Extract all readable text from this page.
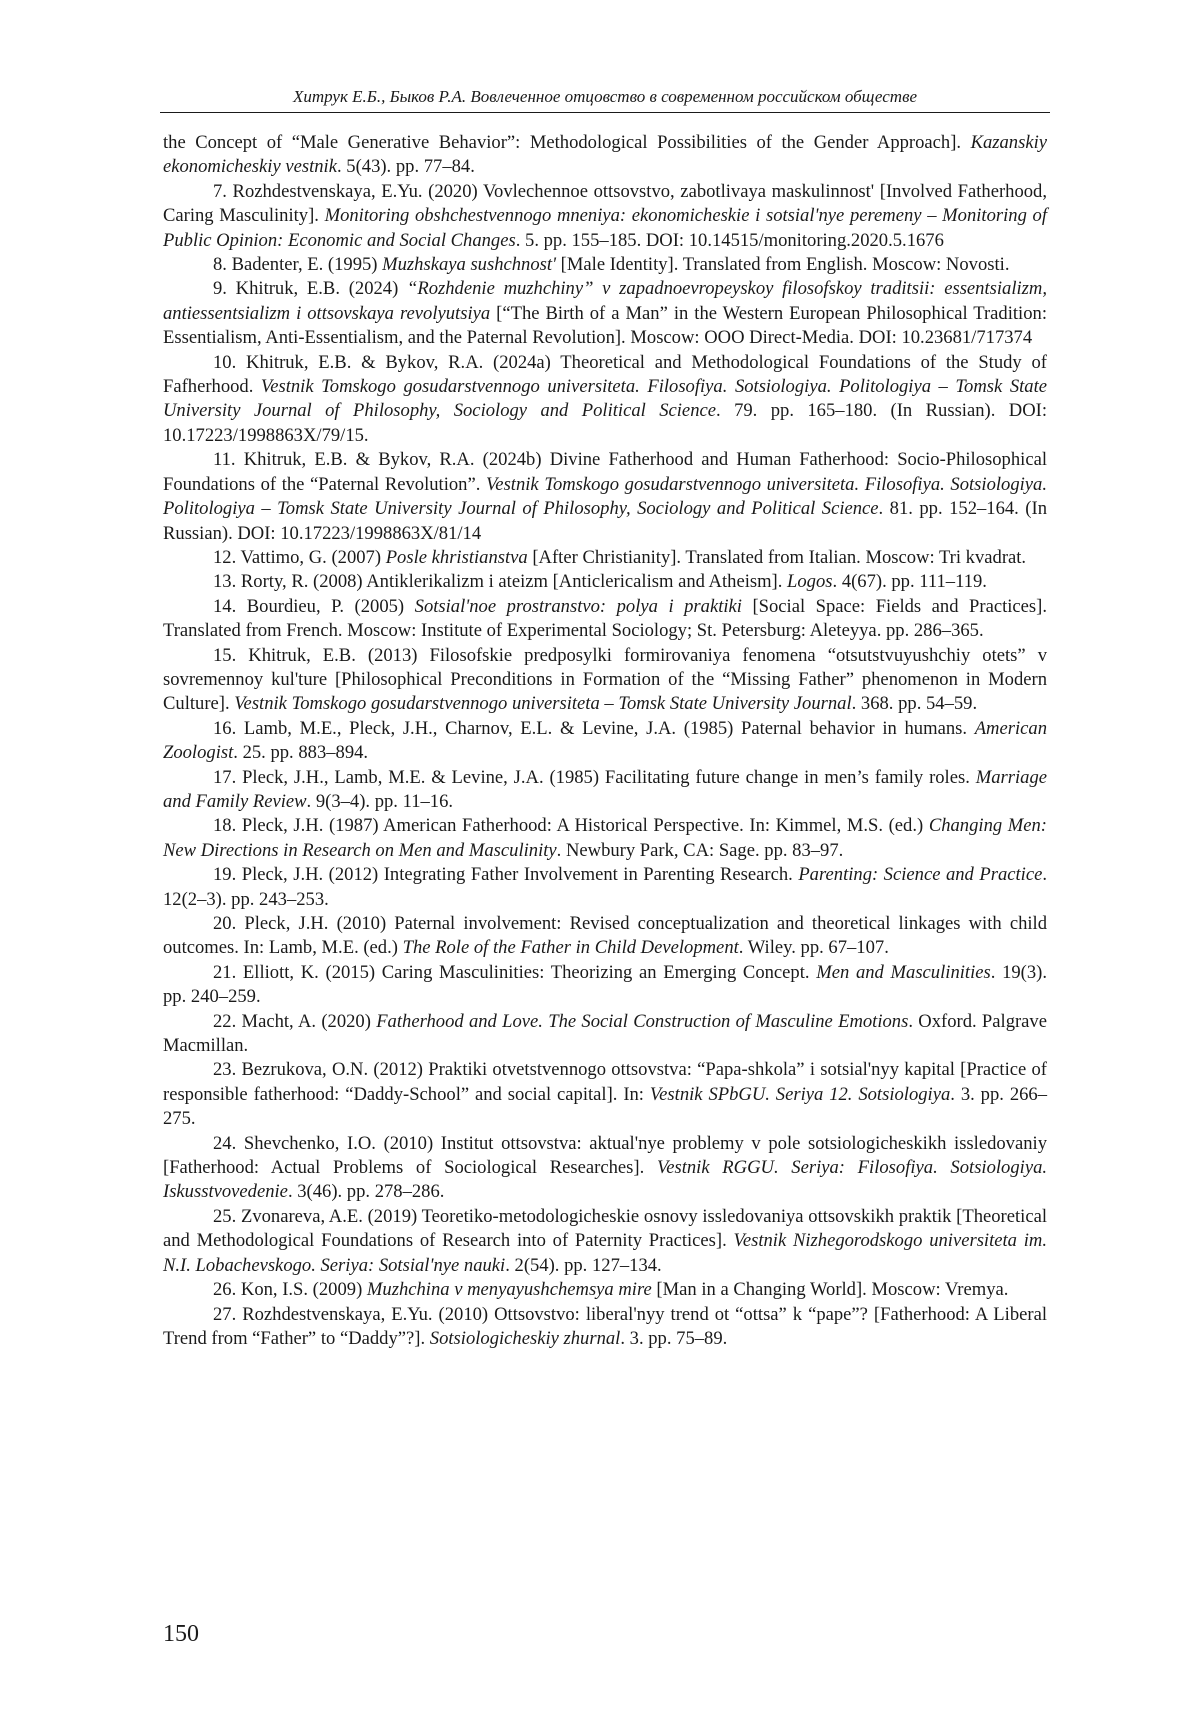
Хитрук Е.Б., Быков Р.А. Вовлеченное отцовство в современном российском обществе

the Concept of “Male Generative Behavior”: Methodological Possibilities of the Gender Approach]. Kazanskiy ekonomicheskiy vestnik. 5(43). pp. 77–84.

7. Rozhdestvenskaya, E.Yu. (2020) Vovlechennoe ottsovstvo, zabotlivaya maskulinnost' [Involved Fatherhood, Caring Masculinity]. Monitoring obshchestvennogo mneniya: ekonomicheskie i sotsial'nye peremeny – Monitoring of Public Opinion: Economic and Social Changes. 5. pp. 155–185. DOI: 10.14515/monitoring.2020.5.1676

8. Badenter, E. (1995) Muzhskaya sushchnost' [Male Identity]. Translated from English. Moscow: Novosti.

9. Khitruk, E.B. (2024) “Rozhdenie muzhchiny” v zapadnoevropeyskoy filosofskoy traditsii: essentsializm, antiessentsializm i ottsovskaya revolyutsiya [“The Birth of a Man” in the Western European Philosophical Tradition: Essentialism, Anti-Essentialism, and the Paternal Revolution]. Moscow: OOO Direct-Media. DOI: 10.23681/717374

10. Khitruk, E.B. & Bykov, R.A. (2024a) Theoretical and Methodological Foundations of the Study of Fafherhood. Vestnik Tomskogo gosudarstvennogo universiteta. Filosofiya. Sotsiologiya. Politologiya – Tomsk State University Journal of Philosophy, Sociology and Political Science. 79. pp. 165–180. (In Russian). DOI: 10.17223/1998863X/79/15.

11. Khitruk, E.B. & Bykov, R.A. (2024b) Divine Fatherhood and Human Fatherhood: Socio-Philosophical Foundations of the “Paternal Revolution”. Vestnik Tomskogo gosudarstvennogo universiteta. Filosofiya. Sotsiologiya. Politologiya – Tomsk State University Journal of Philosophy, Sociology and Political Science. 81. pp. 152–164. (In Russian). DOI: 10.17223/1998863X/81/14

12. Vattimo, G. (2007) Posle khristianstva [After Christianity]. Translated from Italian. Moscow: Tri kvadrat.

13. Rorty, R. (2008) Antiklerikalizm i ateizm [Anticlericalism and Atheism]. Logos. 4(67). pp. 111–119.

14. Bourdieu, P. (2005) Sotsial'noe prostranstvo: polya i praktiki [Social Space: Fields and Practices]. Translated from French. Moscow: Institute of Experimental Sociology; St. Petersburg: Aleteyya. pp. 286–365.

15. Khitruk, E.B. (2013) Filosofskie predposylki formirovaniya fenomena “otsutstvuyushchiy otets” v sovremennoy kul'ture [Philosophical Preconditions in Formation of the “Missing Father” phenomenon in Modern Culture]. Vestnik Tomskogo gosudarstvennogo universiteta – Tomsk State University Journal. 368. pp. 54–59.

16. Lamb, M.E., Pleck, J.H., Charnov, E.L. & Levine, J.A. (1985) Paternal behavior in humans. American Zoologist. 25. pp. 883–894.

17. Pleck, J.H., Lamb, M.E. & Levine, J.A. (1985) Facilitating future change in men’s family roles. Marriage and Family Review. 9(3–4). pp. 11–16.

18. Pleck, J.H. (1987) American Fatherhood: A Historical Perspective. In: Kimmel, M.S. (ed.) Changing Men: New Directions in Research on Men and Masculinity. Newbury Park, CA: Sage. pp. 83–97.

19. Pleck, J.H. (2012) Integrating Father Involvement in Parenting Research. Parenting: Science and Practice. 12(2–3). pp. 243–253.

20. Pleck, J.H. (2010) Paternal involvement: Revised conceptualization and theoretical linkages with child outcomes. In: Lamb, M.E. (ed.) The Role of the Father in Child Development. Wiley. pp. 67–107.

21. Elliott, K. (2015) Caring Masculinities: Theorizing an Emerging Concept. Men and Masculinities. 19(3). pp. 240–259.

22. Macht, A. (2020) Fatherhood and Love. The Social Construction of Masculine Emotions. Oxford. Palgrave Macmillan.

23. Bezrukova, O.N. (2012) Praktiki otvetstvennogo ottsovstva: “Papa-shkola” i sotsial'nyy kapital [Practice of responsible fatherhood: “Daddy-School” and social capital]. In: Vestnik SPbGU. Seriya 12. Sotsiologiya. 3. pp. 266–275.

24. Shevchenko, I.O. (2010) Institut ottsovstva: aktual'nye problemy v pole sotsiologicheskikh issledovaniy [Fatherhood: Actual Problems of Sociological Researches]. Vestnik RGGU. Seriya: Filosofiya. Sotsiologiya. Iskusstvovedenie. 3(46). pp. 278–286.

25. Zvonareva, A.E. (2019) Teoretiko-metodologicheskie osnovy issledovaniya ottsovskikh praktik [Theoretical and Methodological Foundations of Research into of Paternity Practices]. Vestnik Nizhegorodskogo universiteta im. N.I. Lobachevskogo. Seriya: Sotsial'nye nauki. 2(54). pp. 127–134.

26. Kon, I.S. (2009) Muzhchina v menyayushchemsya mire [Man in a Changing World]. Moscow: Vremya.

27. Rozhdestvenskaya, E.Yu. (2010) Ottsovstvo: liberal'nyy trend ot “ottsa” k “pape”? [Fatherhood: A Liberal Trend from “Father” to “Daddy”?]. Sotsiologicheskiy zhurnal. 3. pp. 75–89.

150
